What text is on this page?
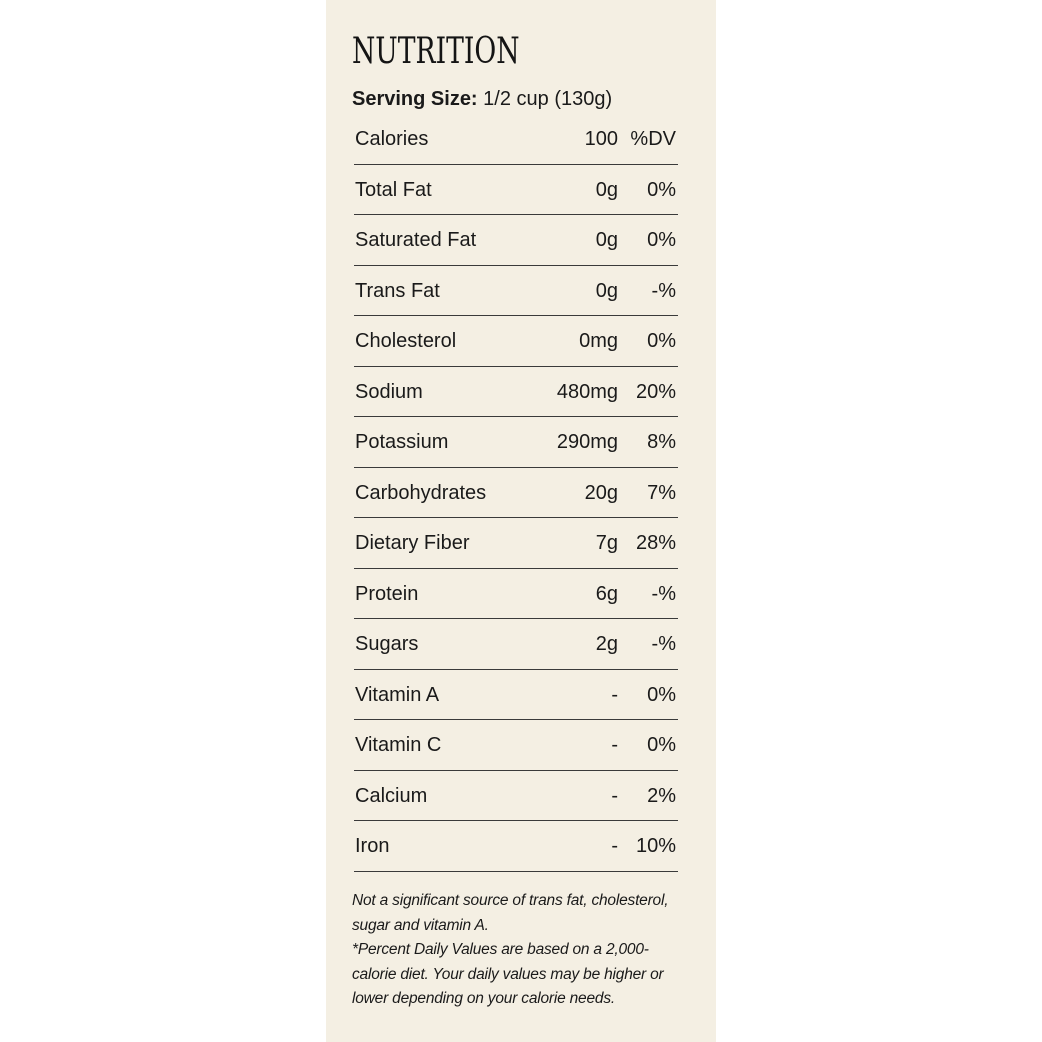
NUTRITION
Serving Size: 1/2 cup (130g)
Calories	100 %DV
Total Fat	0g 0%
Saturated Fat	0g 0%
Trans Fat	0g -%
Cholesterol	0mg 0%
Sodium	480mg 20%
Potassium	290mg 8%
Carbohydrates	20g 7%
Dietary Fiber	7g 28%
Protein	6g -%
Sugars	2g -%
Vitamin A	- 0%
Vitamin C	- 0%
Calcium	- 2%
Iron	- 10%
Not a significant source of trans fat, cholesterol,
sugar and vitamin A.
*Percent Daily Values are based on a 2,000-
calorie diet. Your daily values may be higher or
lower depending on your calorie needs.
